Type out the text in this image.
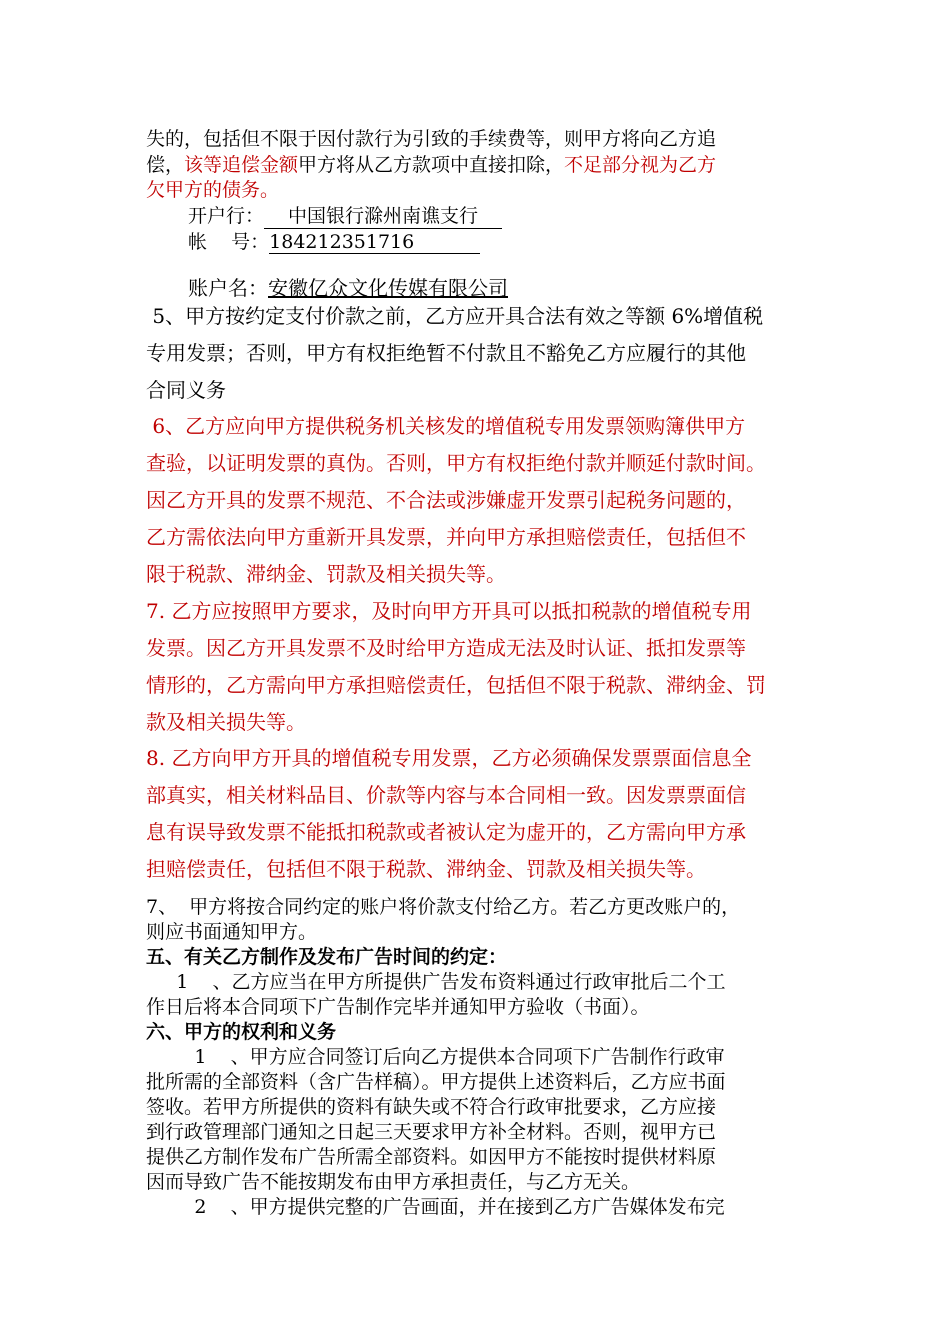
失的，包括但不限于因付款行为引致的手续费等，则甲方将向乙方追
偿，该等追偿金额甲方将从乙方款项中直接扣除，不足部分视为乙方
欠甲方的债务。
开户行： 中国银行滁州南谯支行
帐    号：184212351716
账户名：安徽亿众文化传媒有限公司
5、甲方按约定支付价款之前，乙方应开具合法有效之等额 6%增值税
专用发票；否则，甲方有权拒绝暂不付款且不豁免乙方应履行的其他
合同义务
6、乙方应向甲方提供税务机关核发的增值税专用发票领购簿供甲方
查验，以证明发票的真伪。否则，甲方有权拒绝付款并顺延付款时间。
因乙方开具的发票不规范、不合法或涉嫌虚开发票引起税务问题的，
乙方需依法向甲方重新开具发票，并向甲方承担赔偿责任，包括但不
限于税款、滞纳金、罚款及相关损失等。
7. 乙方应按照甲方要求，及时向甲方开具可以抵扣税款的增值税专用
发票。因乙方开具发票不及时给甲方造成无法及时认证、抵扣发票等
情形的，乙方需向甲方承担赔偿责任，包括但不限于税款、滞纳金、罚
款及相关损失等。
8. 乙方向甲方开具的增值税专用发票，乙方必须确保发票票面信息全
部真实，相关材料品目、价款等内容与本合同相一致。因发票票面信
息有误导致发票不能抵扣税款或者被认定为虚开的，乙方需向甲方承
担赔偿责任，包括但不限于税款、滞纳金、罚款及相关损失等。
7、  甲方将按合同约定的账户将价款支付给乙方。若乙方更改账户的，
则应书面通知甲方。
五、有关乙方制作及发布广告时间的约定：
1    、乙方应当在甲方所提供广告发布资料通过行政审批后二个工
作日后将本合同项下广告制作完毕并通知甲方验收（书面）。
六、甲方的权利和义务
1    、甲方应合同签订后向乙方提供本合同项下广告制作行政审
批所需的全部资料（含广告样稿）。甲方提供上述资料后，乙方应书面
签收。若甲方所提供的资料有缺失或不符合行政审批要求，乙方应接
到行政管理部门通知之日起三天要求甲方补全材料。否则，视甲方已
提供乙方制作发布广告所需全部资料。如因甲方不能按时提供材料原
因而导致广告不能按期发布由甲方承担责任，与乙方无关。
2    、甲方提供完整的广告画面，并在接到乙方广告媒体发布完
